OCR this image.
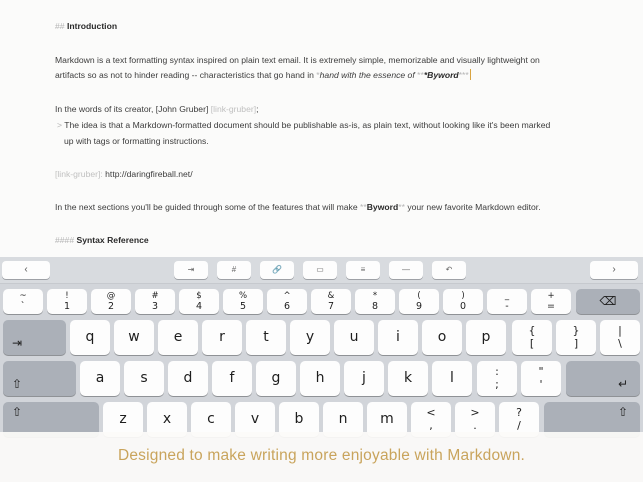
## Introduction
Markdown is a text formatting syntax inspired on plain text email. It is extremely simple, memorizable and visually lightweight on
artifacts so as not to hinder reading -- characteristics that go hand in *hand with the essence of ***Byword***
In the words of its creator, [John Gruber] [link-gruber];
> The idea is that a Markdown-formatted document should be publishable as-is, as plain text, without looking like it's been marked
up with tags or formatting instructions.
[link-gruber]: http://daringfireball.net/
In the next sections you'll be guided through some of the features that will make **Byword** your new favorite Markdown editor.
#### Syntax Reference
‹	⇥	#	🔗	▭	≡	—	↶	›
~
`
!
1
@
2
#
3
$
4
%
5
^
6
&
7
*
8
(
9
)
0
_
-
+
=	⌫
⇥	q	w	e	r	t	y	u	i	o	p	{
[
}
]
|
\
⇧	a	s	d	f	g	h	j	k	l	:
;
"
'	↵
⇧	z	x	c	v	b	n	m	<
,
>
.
?
/
⇧
Designed to make writing more enjoyable with Markdown.
